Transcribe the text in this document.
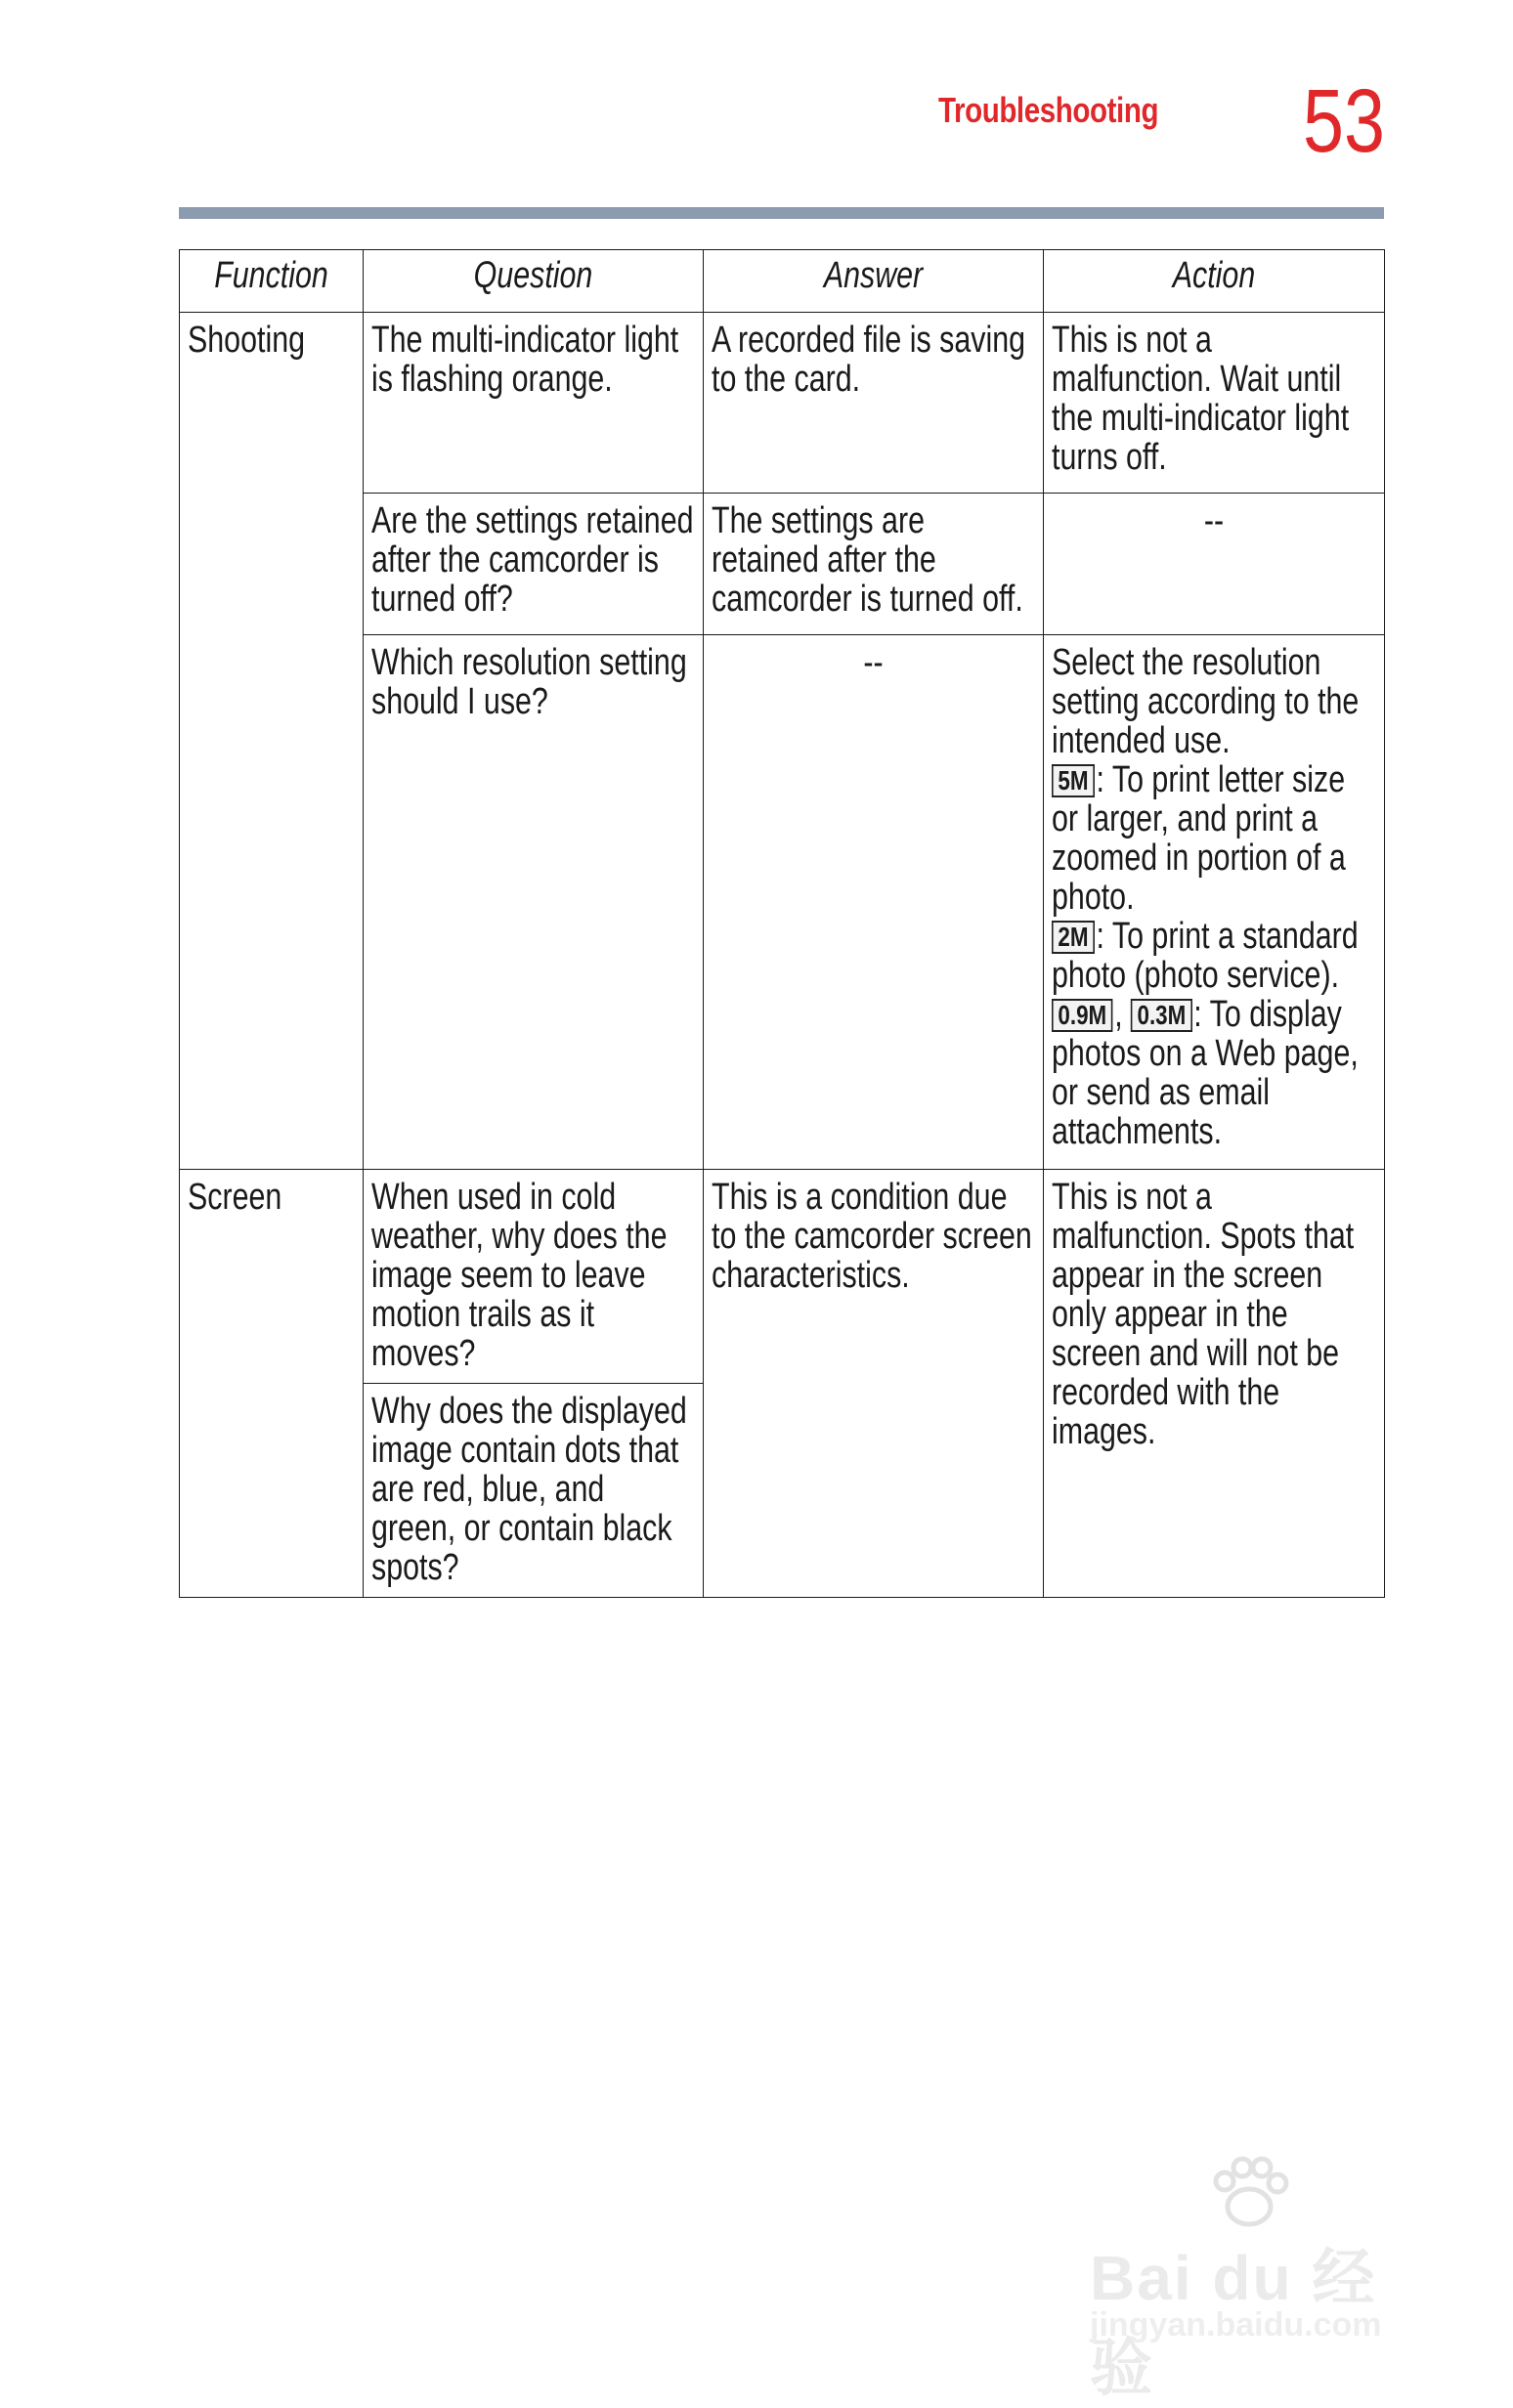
Troubleshooting 53
Function	Question	Answer	Action

Shooting	The multi-indicator light is flashing orange.	A recorded file is saving to the card.	This is not a malfunction. Wait until the multi-indicator light turns off.

	Are the settings retained after the camcorder is turned off?	The settings are retained after the camcorder is turned off.	--

	Which resolution setting should I use?	--	Select the resolution setting according to the intended use.
5M : To print letter size or larger, and print a zoomed in portion of a photo.
2M : To print a standard photo (photo service).
0.9M , 0.3M : To display photos on a Web page, or send as email attachments.

Screen	When used in cold weather, why does the image seem to leave motion trails as it moves?	This is a condition due to the camcorder screen characteristics.	This is not a malfunction. Spots that appear in the screen only appear in the screen and will not be recorded with the images.

	Why does the displayed image contain dots that are red, blue, and green, or contain black spots?		
Bai du 经验
jingyan.baidu.com
